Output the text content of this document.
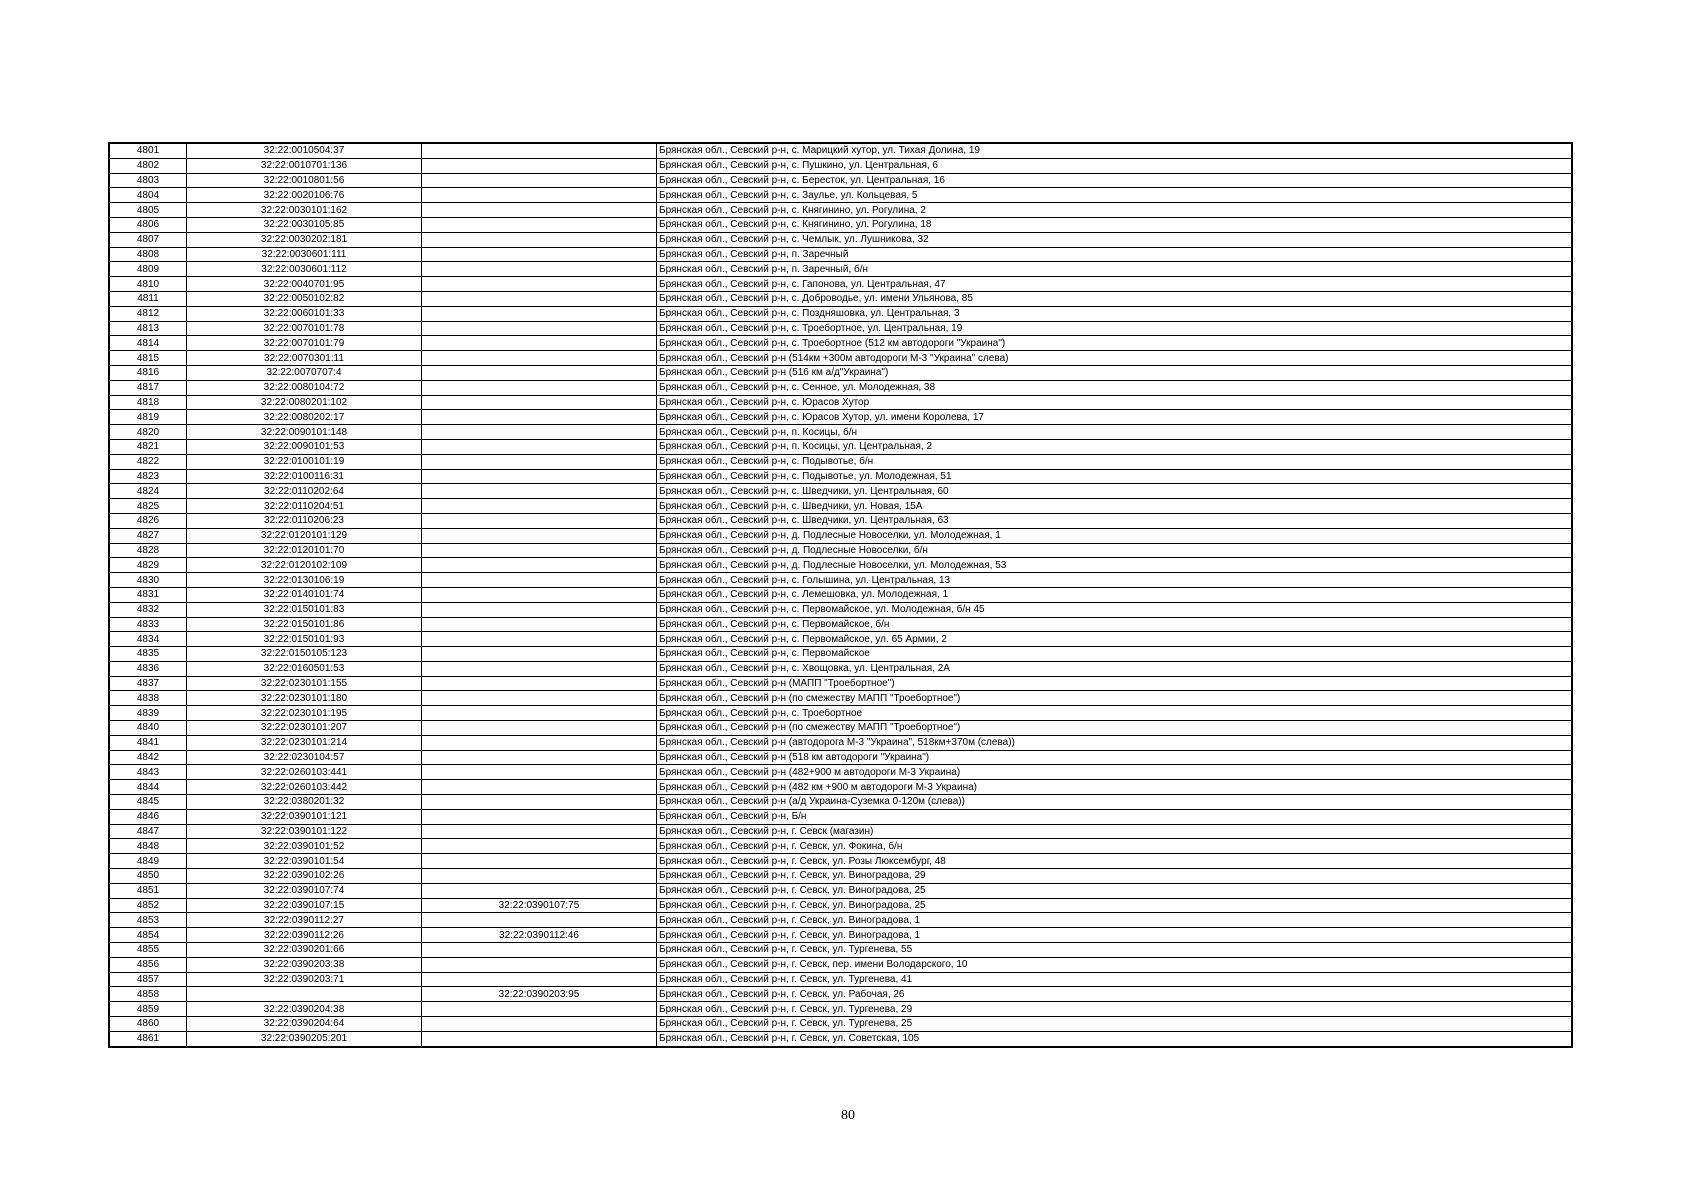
4801	32:22:0010504:37		Брянская обл., Севский р-н, с. Марицкий хутор, ул. Тихая Долина, 19
4802	32:22:0010701:136		Брянская обл., Севский р-н, с. Пушкино, ул. Центральная, 6
4803	32:22:0010801:56		Брянская обл., Севский р-н, с. Бересток, ул. Центральная, 16
4804	32:22:0020106:76		Брянская обл., Севский р-н, с. Заулье, ул. Кольцевая, 5
4805	32:22:0030101:162		Брянская обл., Севский р-н, с. Княгинино, ул. Рогулина, 2
4806	32:22:0030105:85		Брянская обл., Севский р-н, с. Княгинино, ул. Рогулина, 18
4807	32:22:0030202:181		Брянская обл., Севский р-н, с. Чемлык, ул. Лушникова, 32
4808	32:22:0030601:111		Брянская обл., Севский р-н, п. Заречный
4809	32:22:0030601:112		Брянская обл., Севский р-н, п. Заречный, б/н
4810	32:22:0040701:95		Брянская обл., Севский р-н, с. Гапонова, ул. Центральная, 47
4811	32:22:0050102:82		Брянская обл., Севский р-н, с. Доброводье, ул. имени Ульянова, 85
4812	32:22:0060101:33		Брянская обл., Севский р-н, с. Поздняшовка, ул. Центральная, 3
4813	32:22:0070101:78		Брянская обл., Севский р-н, с. Троебортное, ул. Центральная, 19
4814	32:22:0070101:79		Брянская обл., Севский р-н, с. Троебортное (512 км автодороги "Украина")
4815	32:22:0070301:11		Брянская обл., Севский р-н (514км +300м автодороги М-3 "Украина" слева)
4816	32:22:0070707:4		Брянская обл., Севский р-н (516 км а/д"Украина")
4817	32:22:0080104:72		Брянская обл., Севский р-н, с. Сенное, ул. Молодежная, 38
4818	32:22:0080201:102		Брянская обл., Севский р-н, с. Юрасов Хутор
4819	32:22:0080202:17		Брянская обл., Севский р-н, с. Юрасов Хутор, ул. имени Королева, 17
4820	32:22:0090101:148		Брянская обл., Севский р-н, п. Косицы, б/н
4821	32:22:0090101:53		Брянская обл., Севский р-н, п. Косицы, ул. Центральная, 2
4822	32:22:0100101:19		Брянская обл., Севский р-н, с. Подывотье, б/н
4823	32:22:0100116:31		Брянская обл., Севский р-н, с. Подывотье, ул. Молодежная, 51
4824	32:22:0110202:64		Брянская обл., Севский р-н, с. Шведчики, ул. Центральная, 60
4825	32:22:0110204:51		Брянская обл., Севский р-н, с. Шведчики, ул. Новая, 15А
4826	32:22:0110206:23		Брянская обл., Севский р-н, с. Шведчики, ул. Центральная, 63
4827	32:22:0120101:129		Брянская обл., Севский р-н, д. Подлесные Новоселки, ул. Молодежная, 1
4828	32:22:0120101:70		Брянская обл., Севский р-н, д. Подлесные Новоселки, б/н
4829	32:22:0120102:109		Брянская обл., Севский р-н, д. Подлесные Новоселки, ул. Молодежная, 53
4830	32:22:0130106:19		Брянская обл., Севский р-н, с. Голышина, ул. Центральная, 13
4831	32:22:0140101:74		Брянская обл., Севский р-н, с. Лемешовка, ул. Молодежная, 1
4832	32:22:0150101:83		Брянская обл., Севский р-н, с. Первомайское, ул. Молодежная, б/н 45
4833	32:22:0150101:86		Брянская обл., Севский р-н, с. Первомайское, б/н
4834	32:22:0150101:93		Брянская обл., Севский р-н, с. Первомайское, ул. 65 Армии, 2
4835	32:22:0150105:123		Брянская обл., Севский р-н, с. Первомайское
4836	32:22:0160501:53		Брянская обл., Севский р-н, с. Хвощовка, ул. Центральная, 2А
4837	32:22:0230101:155		Брянская обл., Севский р-н (МАПП "Троебортное")
4838	32:22:0230101:180		Брянская обл., Севский р-н (по смежеству МАПП "Троебортное")
4839	32:22:0230101:195		Брянская обл., Севский р-н, с. Троебортное
4840	32:22:0230101:207		Брянская обл., Севский р-н (по смежеству МАПП "Троебортное")
4841	32:22:0230101:214		Брянская обл., Севский р-н (автодорога М-3 "Украина", 518км+370м (слева))
4842	32:22:0230104:57		Брянская обл., Севский р-н (518 км автодороги "Украина")
4843	32:22:0260103:441		Брянская обл., Севский р-н (482+900 м автодороги М-3 Украина)
4844	32:22:0260103:442		Брянская обл., Севский р-н (482 км +900 м автодороги М-3 Украина)
4845	32:22:0380201:32		Брянская обл., Севский р-н (а/д Украина-Суземка 0-120м (слева))
4846	32:22:0390101:121		Брянская обл., Севский р-н, Б/н
4847	32:22:0390101:122		Брянская обл., Севский р-н, г. Севск (магазин)
4848	32:22:0390101:52		Брянская обл., Севский р-н, г. Севск, ул. Фокина, б/н
4849	32:22:0390101:54		Брянская обл., Севский р-н, г. Севск, ул. Розы Люксембург, 48
4850	32:22:0390102:26		Брянская обл., Севский р-н, г. Севск, ул. Виноградова, 29
4851	32:22:0390107:74		Брянская обл., Севский р-н, г. Севск, ул. Виноградова, 25
4852	32:22:0390107:15	32:22:0390107:75	Брянская обл., Севский р-н, г. Севск, ул. Виноградова, 25
4853	32:22:0390112:27		Брянская обл., Севский р-н, г. Севск, ул. Виноградова, 1
4854	32:22:0390112:26	32:22:0390112:46	Брянская обл., Севский р-н, г. Севск, ул. Виноградова, 1
4855	32:22:0390201:66		Брянская обл., Севский р-н, г. Севск, ул. Тургенева, 55
4856	32:22:0390203:38		Брянская обл., Севский р-н, г. Севск, пер. имени Володарского, 10
4857	32:22:0390203:71		Брянская обл., Севский р-н, г. Севск, ул. Тургенева, 41
4858		32:22:0390203:95	Брянская обл., Севский р-н, г. Севск, ул. Рабочая, 26
4859	32:22:0390204:38		Брянская обл., Севский р-н, г. Севск, ул. Тургенева, 29
4860	32:22:0390204:64		Брянская обл., Севский р-н, г. Севск, ул. Тургенева, 25
4861	32:22:0390205:201		Брянская обл., Севский р-н, г. Севск, ул. Советская, 105
80
